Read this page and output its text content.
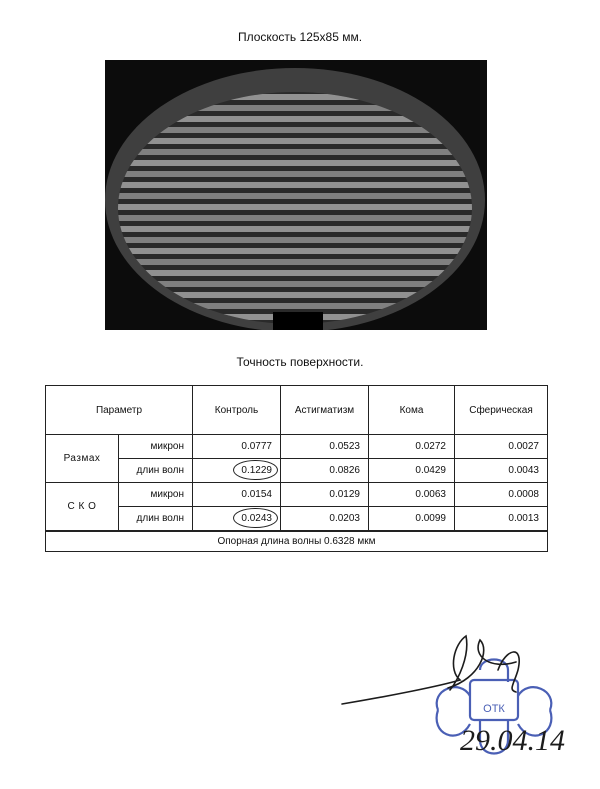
Плоскость 125x85 мм.
Точность поверхности.
Параметр		Контроль	Астигматизм	Кома	Сферическая
Размах	микрон	0.0777	0.0523	0.0272	0.0027
	длин волн	0.1229	0.0826	0.0429	0.0043
С К О	микрон	0.0154	0.0129	0.0063	0.0008
	длин волн	0.0243	0.0203	0.0099	0.0013
Опорная длина волны 0.6328 мкм					
ОТК
29.04.14
